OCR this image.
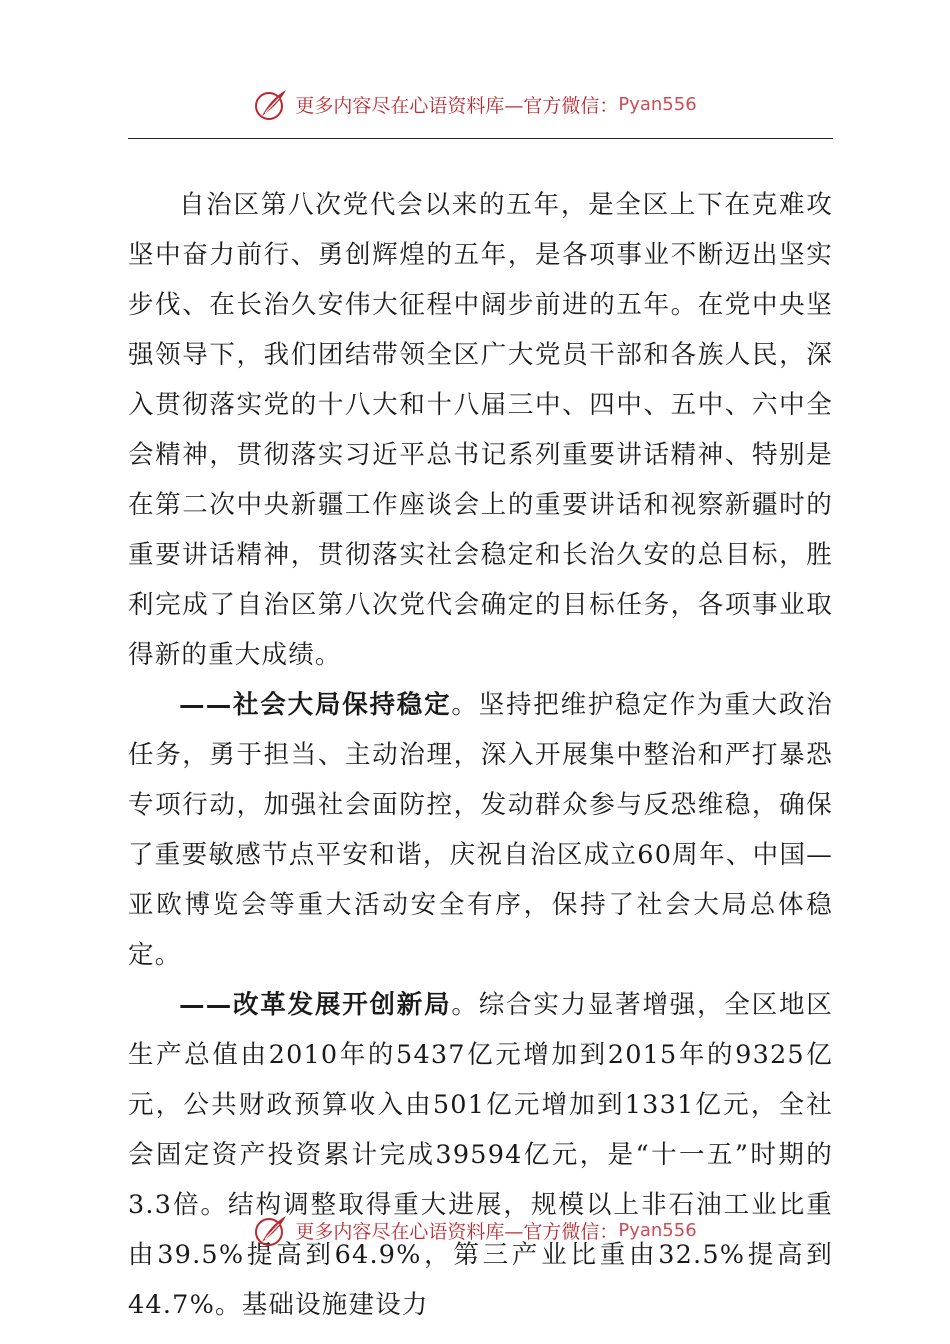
更多内容尽在心语资料库—官方微信： Pyan556

自治区第八次党代会以来的五年，是全区上下在克难攻坚中奋力前行、勇创辉煌的五年，是各项事业不断迈出坚实步伐、在长治久安伟大征程中阔步前进的五年。在党中央坚强领导下，我们团结带领全区广大党员干部和各族人民，深入贯彻落实党的十八大和十八届三中、四中、五中、六中全会精神，贯彻落实习近平总书记系列重要讲话精神、特别是在第二次中央新疆工作座谈会上的重要讲话和视察新疆时的重要讲话精神，贯彻落实社会稳定和长治久安的总目标，胜利完成了自治区第八次党代会确定的目标任务，各项事业取得新的重大成绩。

——社会大局保持稳定。坚持把维护稳定作为重大政治任务，勇于担当、主动治理，深入开展集中整治和严打暴恐专项行动，加强社会面防控，发动群众参与反恐维稳，确保了重要敏感节点平安和谐，庆祝自治区成立60周年、中国—亚欧博览会等重大活动安全有序，保持了社会大局总体稳定。

——改革发展开创新局。综合实力显著增强，全区地区生产总值由2010年的5437亿元增加到2015年的9325亿元，公共财政预算收入由501亿元增加到1331亿元，全社会固定资产投资累计完成39594亿元，是“十一五”时期的3.3倍。结构调整取得重大进展，规模以上非石油工业比重由39.5%提高到64.9%，第三产业比重由32.5%提高到44.7%。基础设施建设力

更多内容尽在心语资料库—官方微信： Pyan556
